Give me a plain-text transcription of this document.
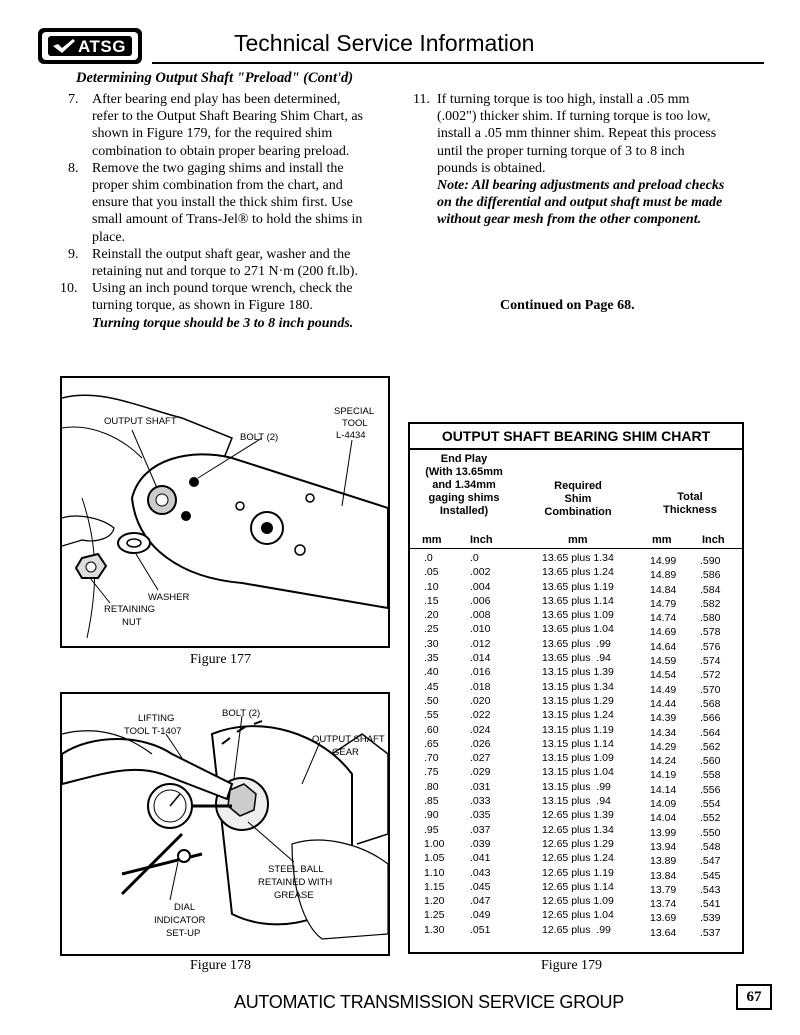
ATSG	Technical Service Information
Determining Output Shaft "Preload" (Cont'd)
7. After bearing end play has been determined, refer to the Output Shaft Bearing Shim Chart, as shown in Figure 179, for the required shim combination to obtain proper bearing preload.
8. Remove the two gaging shims and install the proper shim combination from the chart, and ensure that you install the thick shim first. Use small amount of Trans-Jel® to hold the shims in place.
9. Reinstall the output shaft gear, washer and the retaining nut and torque to 271 N·m (200 ft.lb).
10. Using an inch pound torque wrench, check the turning torque, as shown in Figure 180.
Turning torque should be 3 to 8 inch pounds.
11. If turning torque is too high, install a .05 mm (.002") thicker shim. If turning torque is too low, install a .05 mm thinner shim. Repeat this process until the proper turning torque of 3 to 8 inch pounds is obtained.
Note: All bearing adjustments and preload checks on the differential and output shaft must be made without gear mesh from the other component.
Continued on Page 68.
OUTPUT SHAFT
BOLT (2)
SPECIAL
TOOL
L-4434
WASHER
RETAINING
NUT
Figure 177
LIFTING
TOOL T-1407
BOLT (2)
OUTPUT SHAFT
GEAR
STEEL BALL
RETAINED WITH
GREASE
DIAL
INDICATOR
SET-UP
Figure 178
OUTPUT SHAFT BEARING SHIM CHART
End Play
(With 13.65mm
and 1.34mm
gaging shims
Installed)
Required
Shim
Combination
Total
Thickness
mm	Inch	mm	mm	Inch
.0	.0	13.65 plus 1.34	14.99 .590
.05	.002	13.65 plus 1.24	14.89 .586
.10	.004	13.65 plus 1.19	14.84 .584
.15	.006	13.65 plus 1.14	14.79 .582
.20	.008	13.65 plus 1.09	14.74 .580
.25	.010	13.65 plus 1.04	14.69 .578
.30	.012	13.65 plus  .99	14.64 .576
.35	.014	13.65 plus  .94	14.59 .574
.40	.016	13.15 plus 1.39	14.54 .572
.45	.018	13.15 plus 1.34	14.49 .570
.50	.020	13.15 plus 1.29	14.44 .568
.55	.022	13.15 plus 1.24	14.39 .566
.60	.024	13.15 plus 1.19	14.34 .564
.65	.026	13.15 plus 1.14	14.29 .562
.70	.027	13.15 plus 1.09	14.24 .560
.75	.029	13.15 plus 1.04	14.19 .558
.80	.031	13.15 plus  .99	14.14 .556
.85	.033	13.15 plus  .94	14.09 .554
.90	.035	12.65 plus 1.39	14.04 .552
.95	.037	12.65 plus 1.34	13.99 .550
1.00 .039	12.65 plus 1.29	13.94 .548
1.05 .041	12.65 plus 1.24	13.89 .547
1.10 .043	12.65 plus 1.19	13.84 .545
1.15 .045	12.65 plus 1.14	13.79 .543
1.20 .047	12.65 plus 1.09	13.74 .541
1.25 .049	12.65 plus 1.04	13.69 .539
1.30 .051	12.65 plus  .99	13.64 .537
Figure 179
AUTOMATIC TRANSMISSION SERVICE GROUP	67
